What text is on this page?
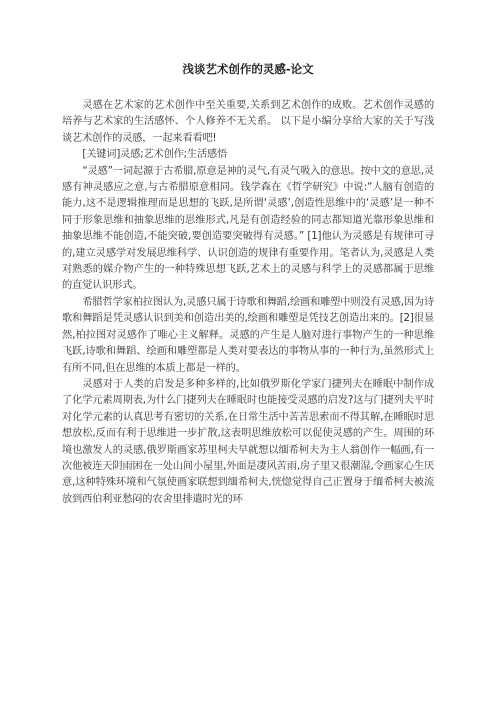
浅谈艺术创作的灵感-论文

灵感在艺术家的艺术创作中至关重要,关系到艺术创作的成败。艺术创作灵感的培养与艺术家的生活感怀、个人修养不无关系。 以下是小编分享给大家的关于写浅谈艺术创作的灵感，一起来看看吧!

[关键词]灵感;艺术创作;生活感悟

“灵感”一词起源于古希腊,原意是神的灵气,有灵气吸入的意思。按中文的意思,灵感有神灵感应之意,与古希腊原意相同。钱学森在《哲学研究》中说:“人脑有创造的能力,这不是逻辑推理而是思想的飞跃,是所谓‘灵感’,创造性思维中的‘灵感’是一种不同于形象思维和抽象思维的思维形式,凡是有创造经验的同志都知道光靠形象思维和抽象思维不能创造,不能突破,要创造要突破得有灵感。” [1]他认为灵感是有规律可寻的,建立灵感学对发展思维科学、认识创造的规律有重要作用。笔者认为,灵感是人类对熟悉的媒介物产生的一种特殊思想飞跃,艺术上的灵感与科学上的灵感都属于思维的直觉认识形式。

希腊哲学家柏拉图认为,灵感只属于诗歌和舞蹈,绘画和雕塑中则没有灵感,因为诗歌和舞蹈是凭灵感认识到美和创造出美的,绘画和雕塑是凭技艺创造出来的。[2]很显然,柏拉图对灵感作了唯心主义解释。灵感的产生是人脑对进行事物产生的一种思维飞跃,诗歌和舞蹈、绘画和雕塑都是人类对要表达的事物从事的一种行为,虽然形式上有所不同,但在思维的本质上都是一样的。

灵感对于人类的启发是多种多样的,比如俄罗斯化学家门捷列夫在睡眠中制作成了化学元素周期表,为什么门捷列夫在睡眠时也能接受灵感的启发?这与门捷列夫平时对化学元素的认真思考有密切的关系,在日常生活中苦苦思索而不得其解,在睡眠时思想放松,反而有利于思维进一步扩散,这表明思维放松可以促使灵感的产生。周围的环境也激发人的灵感,俄罗斯画家苏里柯夫早就想以缅希柯夫为主人翁创作一幅画,有一次他被连天阴雨困在一处山间小屋里,外面是凄风苦雨,房子里又很潮湿,令画家心生厌意,这种特殊环境和气氛使画家联想到缅希柯夫,恍惚觉得自己正置身于缅希柯夫被流放到西伯利亚愁闷的农舍里排遣时光的环
